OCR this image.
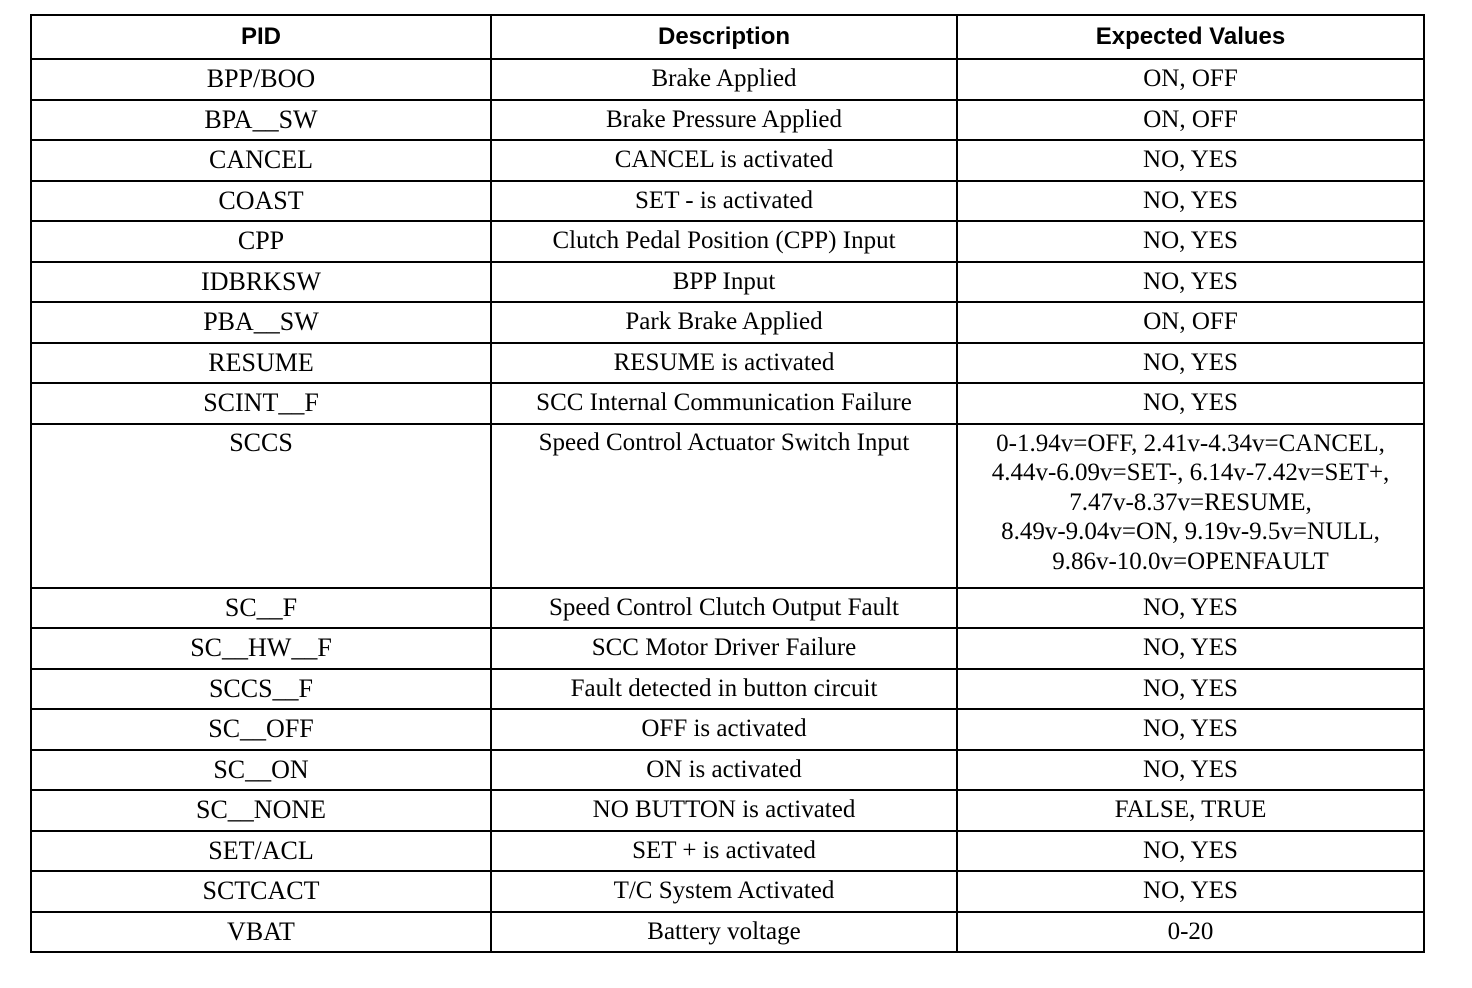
PID	Description	Expected Values
BPP/BOO	Brake Applied	ON, OFF
BPA__SW	Brake Pressure Applied	ON, OFF
CANCEL	CANCEL is activated	NO, YES
COAST	SET - is activated	NO, YES
CPP	Clutch Pedal Position (CPP) Input	NO, YES
IDBRKSW	BPP Input	NO, YES
PBA__SW	Park Brake Applied	ON, OFF
RESUME	RESUME is activated	NO, YES
SCINT__F	SCC Internal Communication Failure	NO, YES
SCCS	Speed Control Actuator Switch Input	0-1.94v=OFF, 2.41v-4.34v=CANCEL,
4.44v-6.09v=SET-, 6.14v-7.42v=SET+,
7.47v-8.37v=RESUME,
8.49v-9.04v=ON, 9.19v-9.5v=NULL,
9.86v-10.0v=OPENFAULT

SC__F	Speed Control Clutch Output Fault	NO, YES
SC__HW__F	SCC Motor Driver Failure	NO, YES
SCCS__F	Fault detected in button circuit	NO, YES
SC__OFF	OFF is activated	NO, YES
SC__ON	ON is activated	NO, YES
SC__NONE	NO BUTTON is activated	FALSE, TRUE
SET/ACL	SET + is activated	NO, YES
SCTCACT	T/C System Activated	NO, YES
VBAT	Battery voltage	0-20
